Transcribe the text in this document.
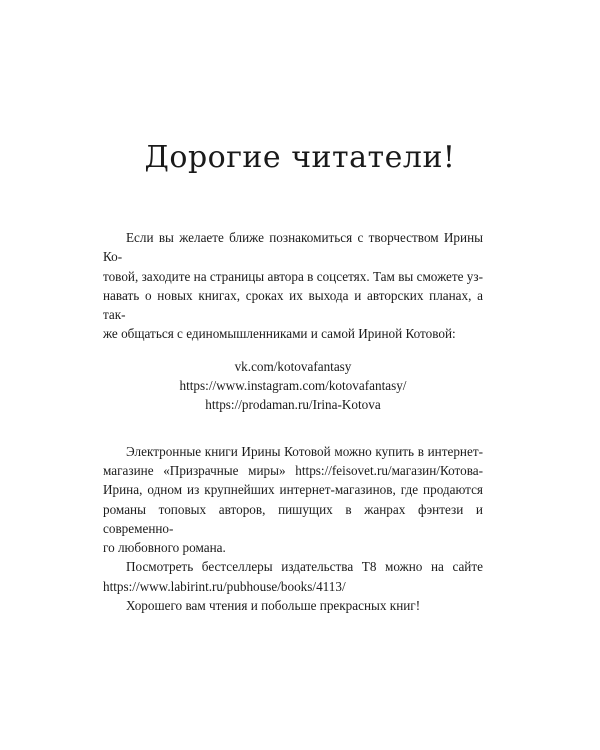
Дорогие читатели!
Если вы желаете ближе познакомиться с творчеством Ирины Ко-
товой, заходите на страницы автора в соцсетях. Там вы сможете уз-
навать о новых книгах, сроках их выхода и авторских планах, а так-
же общаться с единомышленниками и самой Ириной Котовой:
vk.com/kotovafantasy
https://www.instagram.com/kotovafantasy/
https://prodaman.ru/Irina-Kotova
Электронные книги Ирины Котовой можно купить в интернет-
магазине «Призрачные миры» https://feisovet.ru/магазин/Котова-
Ирина, одном из крупнейших интернет-магазинов, где продаются
романы топовых авторов, пишущих в жанрах фэнтези и современно-
го любовного романа.
Посмотреть бестселлеры издательства Т8 можно на сайте
https://www.labirint.ru/pubhouse/books/4113/
Хорошего вам чтения и побольше прекрасных книг!
